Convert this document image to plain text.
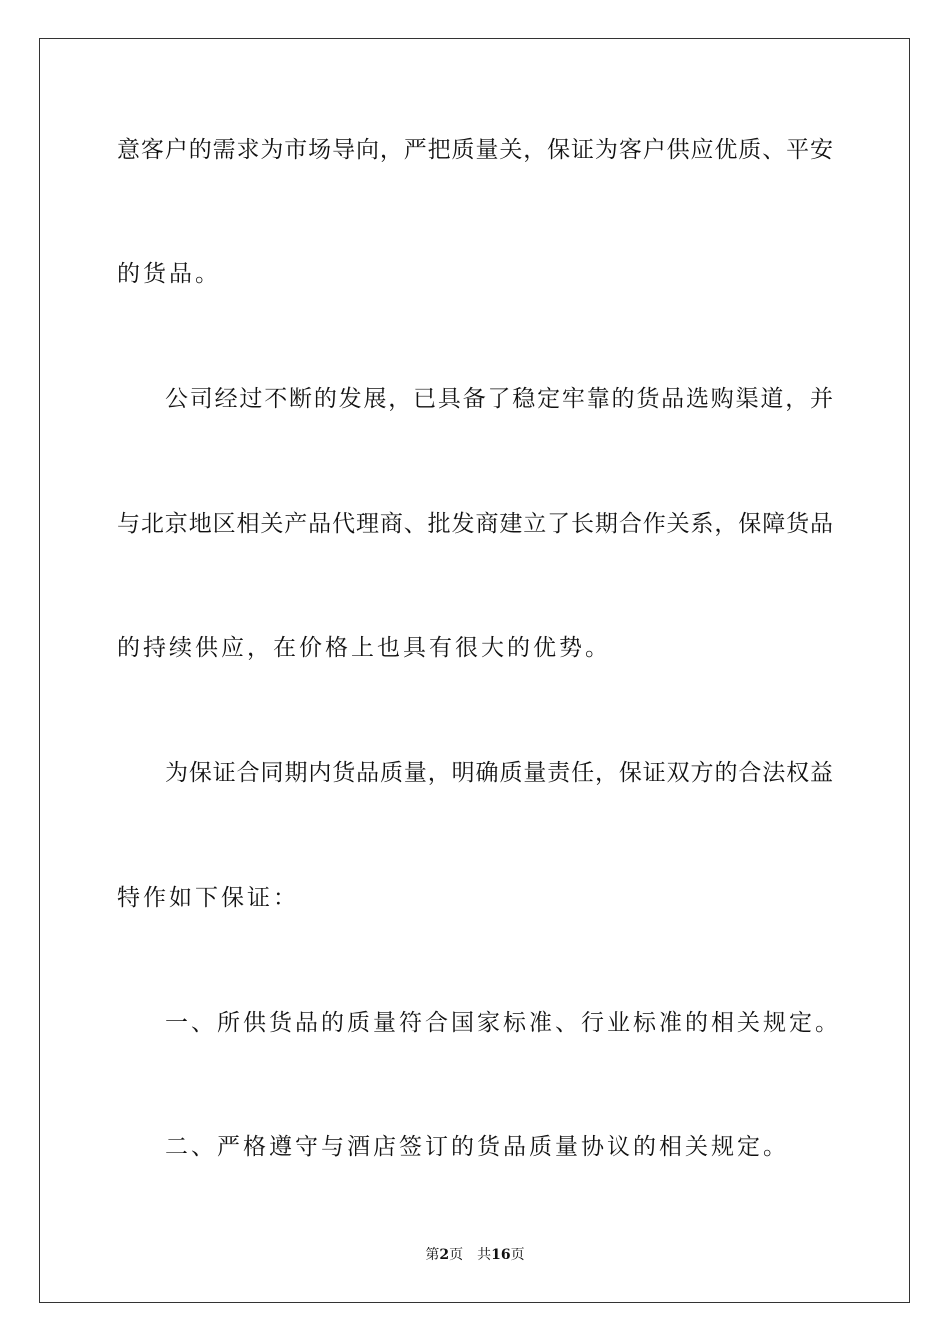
意客户的需求为市场导向，严把质量关，保证为客户供应优质、平安
的货品。
公司经过不断的发展，已具备了稳定牢靠的货品选购渠道，并
与北京地区相关产品代理商、批发商建立了长期合作关系，保障货品
的持续供应，在价格上也具有很大的优势。
为保证合同期内货品质量，明确质量责任，保证双方的合法权益
特作如下保证：
一、所供货品的质量符合国家标准、行业标准的相关规定。
二、严格遵守与酒店签订的货品质量协议的相关规定。
第2页 共16页
